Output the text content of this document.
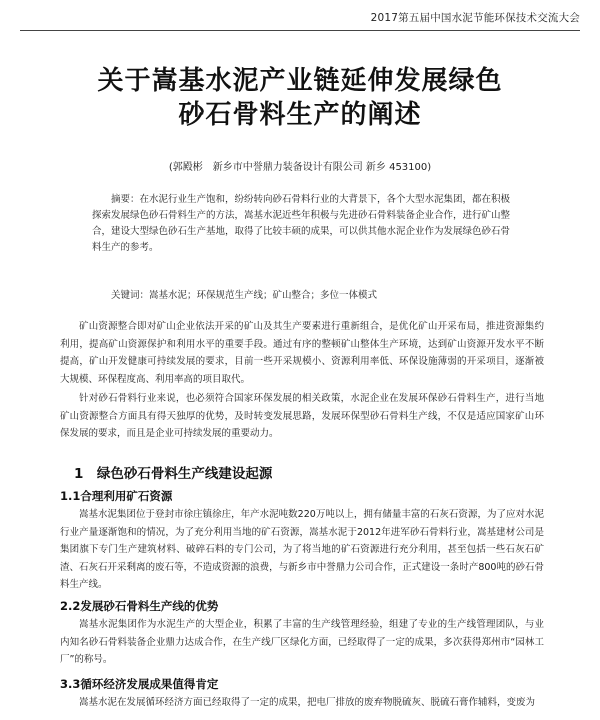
2017第五届中国水泥节能环保技术交流大会
关于嵩基水泥产业链延伸发展绿色
砂石骨料生产的阐述
(郭殿彬　新乡市中誉鼎力装备设计有限公司 新乡 453100)
摘要：在水泥行业生产饱和，纷纷转向砂石骨料行业的大背景下，各个大型水泥集团，都在积极探索发展绿色砂石骨料生产的方法，嵩基水泥近些年积极与先进砂石骨料装备企业合作，进行矿山整合，建设大型绿色砂石生产基地，取得了比较丰硕的成果，可以供其他水泥企业作为发展绿色砂石骨料生产的参考。
关键词：嵩基水泥；环保规范生产线；矿山整合；多位一体模式

矿山资源整合即对矿山企业依法开采的矿山及其生产要素进行重新组合，是优化矿山开采布局，推进资源集约利用，提高矿山资源保护和利用水平的重要手段。通过有序的整顿矿山整体生产环境，达到矿山资源开发水平不断提高，矿山开发健康可持续发展的要求，目前一些开采规模小、资源利用率低、环保设施薄弱的开采项目，逐渐被大规模、环保程度高、利用率高的项目取代。

针对砂石骨料行业来说，也必须符合国家环保发展的相关政策，水泥企业在发展环保砂石骨料生产，进行当地矿山资源整合方面具有得天独厚的优势，及时转变发展思路，发展环保型砂石骨料生产线，不仅是适应国家矿山环保发展的要求，而且是企业可持续发展的重要动力。

1　绿色砂石骨料生产线建设起源
1.1合理利用矿石资源

嵩基水泥集团位于登封市徐庄镇徐庄，年产水泥吨数220万吨以上，拥有储量丰富的石灰石资源，为了应对水泥行业产量逐渐饱和的情况，为了充分利用当地的矿石资源，嵩基水泥于2012年进军砂石骨料行业，嵩基建材公司是集团旗下专门生产建筑材料、破碎石料的专门公司，为了将当地的矿石资源进行充分利用，甚至包括一些石灰石矿渣、石灰石开采剩离的废石等，不造成资源的浪费，与新乡市中誉鼎力公司合作，正式建设一条时产800吨的砂石骨料生产线。

2.2发展砂石骨料生产线的优势

嵩基水泥集团作为水泥生产的大型企业，积累了丰富的生产线管理经验，组建了专业的生产线管理团队，与业内知名砂石骨料装备企业鼎力达成合作，在生产线厂区绿化方面，已经取得了一定的成果，多次获得郑州市“园林工厂”的称号。

3.3循环经济发展成果值得肯定

嵩基水泥在发展循环经济方面已经取得了一定的成果，把电厂排放的废弃物脱硫灰、脱硫石膏作辅料，变废为
